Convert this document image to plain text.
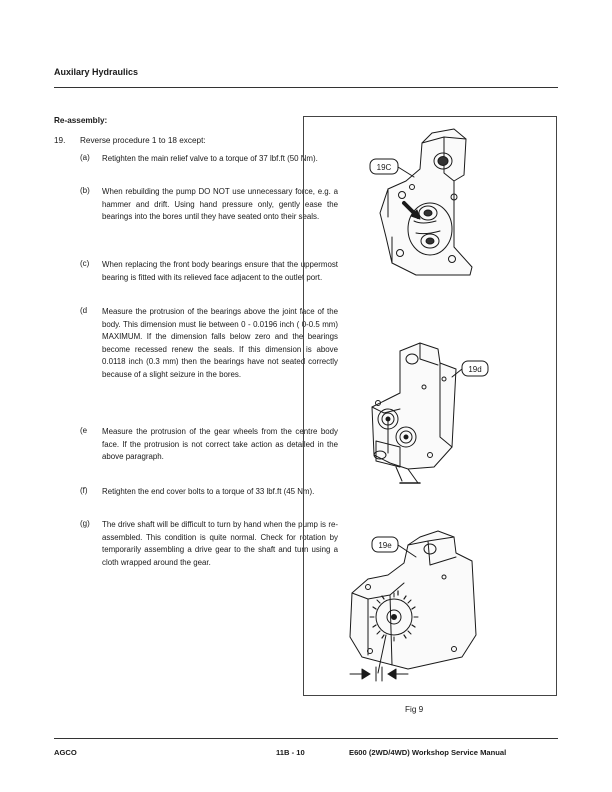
Auxilary Hydraulics
Re-assembly:
19. Reverse procedure 1 to 18 except:
(a) Retighten the main relief valve to a torque of 37 lbf.ft (50 Nm).

(b) When rebuilding the pump DO NOT use unnecessary force, e.g. a hammer and drift. Using hand pressure only, gently ease the bearings into the bores until they have seated onto their seals.

(c) When replacing the front body bearings ensure that the uppermost bearing is fitted with its relieved face adjacent to the outlet port.

(d Measure the protrusion of the bearings above the joint face of the body. This dimension must lie between 0 - 0.0196 inch ( 0-0.5 mm) MAXIMUM. If the dimension falls below zero and the bearings become recessed renew the seals. If this dimension is above 0.0118 inch (0.3 mm) then the bearings have not seated correctly because of a slight seizure in the bores.

(e Measure the protrusion of the gear wheels from the centre body face. If the protrusion is not correct take action as detailed in the above paragraph.

(f) Retighten the end cover bolts to a torque of 33 lbf.ft (45 Nm).

(g) The drive shaft will be difficult to turn by hand when the pump is re-assembled. This condition is quite normal. Check for rotation by temporarily assembling a drive gear to the shaft and turn using a cloth wrapped around the gear.

19C
19d
19e
Fig 9
AGCO	11B - 10	E600 (2WD/4WD) Workshop Service Manual
